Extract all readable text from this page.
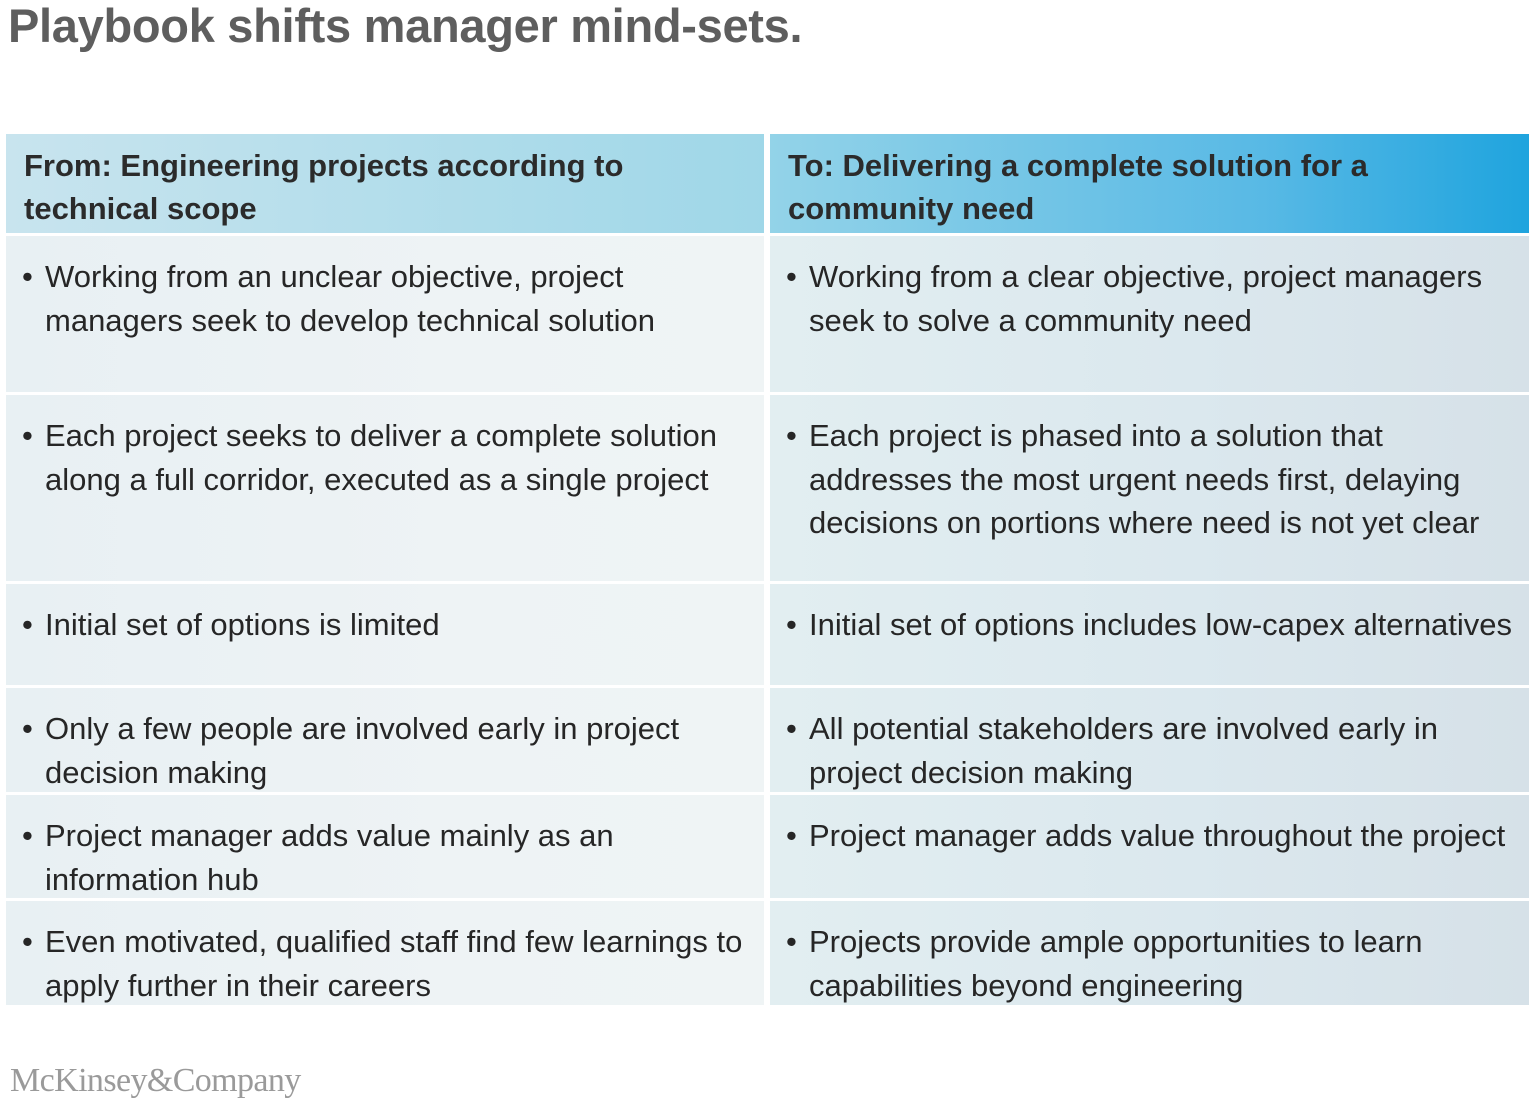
Playbook shifts manager mind-sets.
From: Engineering projects according to technical scope
• Working from an unclear objective, project managers seek to develop technical solution
• Each project seeks to deliver a complete solution along a full corridor, executed as a single project
• Initial set of options is limited
• Only a few people are involved early in project decision making
• Project manager adds value mainly as an information hub
• Even motivated, qualified staff find few learnings to apply further in their careers
To: Delivering a complete solution for a community need
• Working from a clear objective, project managers seek to solve a community need
• Each project is phased into a solution that addresses the most urgent needs first, delaying decisions on portions where need is not yet clear
• Initial set of options includes low-capex alternatives
• All potential stakeholders are involved early in project decision making
• Project manager adds value throughout the project
• Projects provide ample opportunities to learn capabilities beyond engineering
McKinsey&Company
